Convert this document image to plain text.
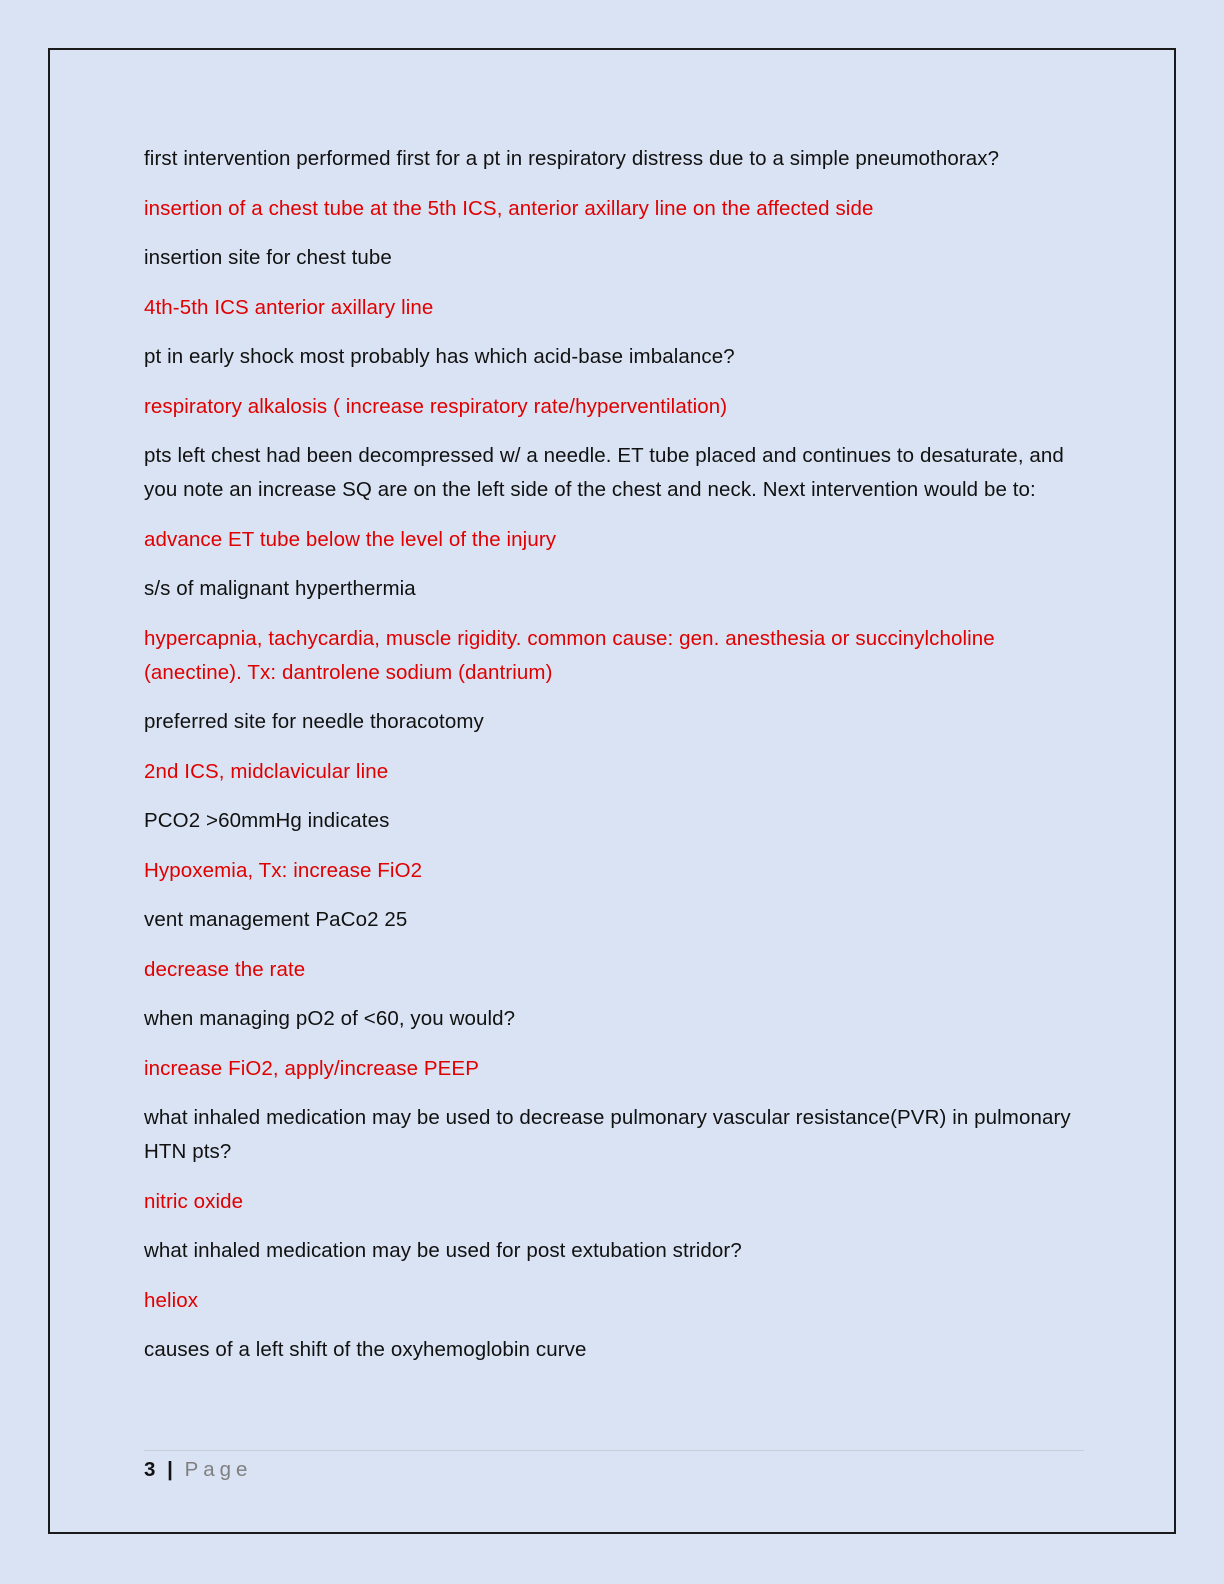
first intervention performed first for a pt in respiratory distress due to a simple pneumothorax?

insertion of a chest tube at the 5th ICS, anterior axillary line on the affected side

insertion site for chest tube

4th-5th ICS anterior axillary line

pt in early shock most probably has which acid-base imbalance?

respiratory alkalosis ( increase respiratory rate/hyperventilation)

pts left chest had been decompressed w/ a needle. ET tube placed and continues to desaturate, and you note an increase SQ are on the left side of the chest and neck. Next intervention would be to:

advance ET tube below the level of the injury

s/s of malignant hyperthermia

hypercapnia, tachycardia, muscle rigidity. common cause: gen. anesthesia or succinylcholine (anectine). Tx: dantrolene sodium (dantrium)

preferred site for needle thoracotomy

2nd ICS, midclavicular line

PCO2 >60mmHg indicates

Hypoxemia, Tx: increase FiO2

vent management PaCo2 25

decrease the rate

when managing pO2 of <60, you would?

increase FiO2, apply/increase PEEP

what inhaled medication may be used to decrease pulmonary vascular resistance(PVR) in pulmonary HTN pts?

nitric oxide

what inhaled medication may be used for post extubation stridor?

heliox

causes of a left shift of the oxyhemoglobin curve

3 | Page
